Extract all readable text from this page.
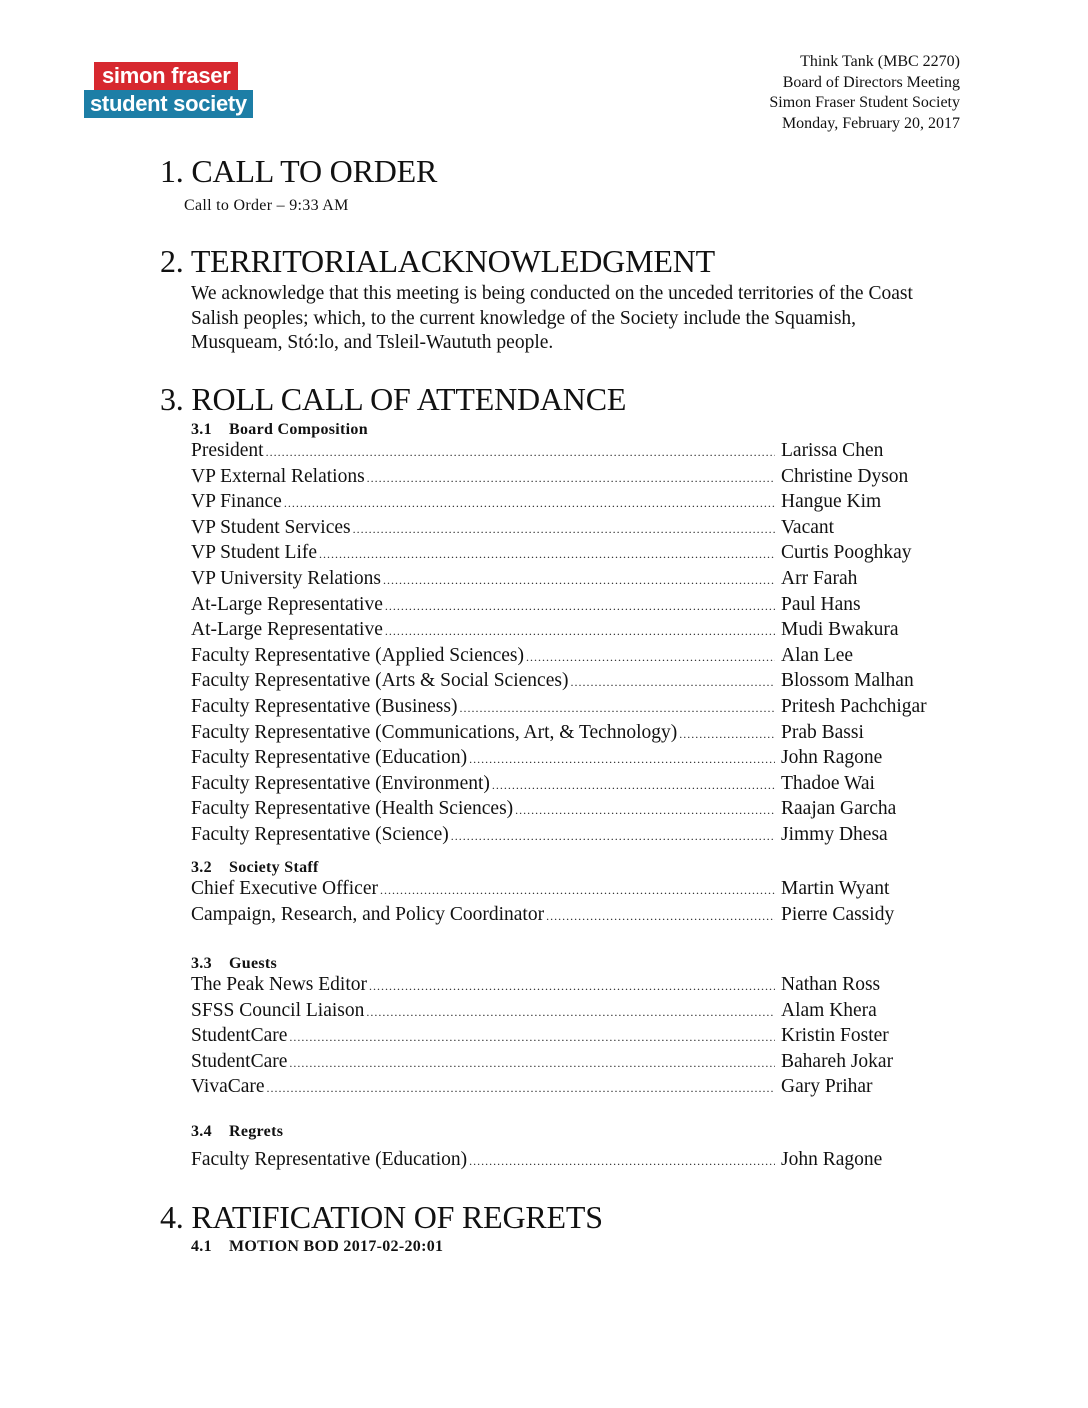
simon fraser
student society
Think Tank (MBC 2270)
Board of Directors Meeting
Simon Fraser Student Society
Monday, February 20, 2017
1. CALL TO ORDER
Call to Order – 9:33 AM
2. TERRITORIALACKNOWLEDGMENT
We acknowledge that this meeting is being conducted on the unceded territories of the Coast Salish peoples; which, to the current knowledge of the Society include the Squamish, Musqueam, Stó:lo, and Tsleil-Waututh people.
3. ROLL CALL OF ATTENDANCE
3.1 Board Composition
President .....	Larissa Chen
VP External Relations .....	Christine Dyson
VP Finance .....	Hangue Kim
VP Student Services .....	Vacant
VP Student Life .....	Curtis Pooghkay
VP University Relations .....	Arr Farah
At-Large Representative .....	Paul Hans
At-Large Representative .....	Mudi Bwakura
Faculty Representative (Applied Sciences) .....	Alan Lee
Faculty Representative (Arts & Social Sciences) .....	Blossom Malhan
Faculty Representative (Business) .....	Pritesh Pachchigar
Faculty Representative (Communications, Art, & Technology) .....	Prab Bassi
Faculty Representative (Education) .....	John Ragone
Faculty Representative (Environment) .....	Thadoe Wai
Faculty Representative (Health Sciences) .....	Raajan Garcha
Faculty Representative (Science) .....	Jimmy Dhesa
3.2 Society Staff
Chief Executive Officer .....	Martin Wyant
Campaign, Research, and Policy Coordinator .....	Pierre Cassidy
3.3 Guests
The Peak News Editor .....	Nathan Ross
SFSS Council Liaison .....	Alam Khera
StudentCare .....	Kristin Foster
StudentCare .....	Bahareh Jokar
VivaCare .....	Gary Prihar
3.4 Regrets
Faculty Representative (Education) .....	John Ragone
4. RATIFICATION OF REGRETS
4.1 MOTION BOD 2017-02-20:01
